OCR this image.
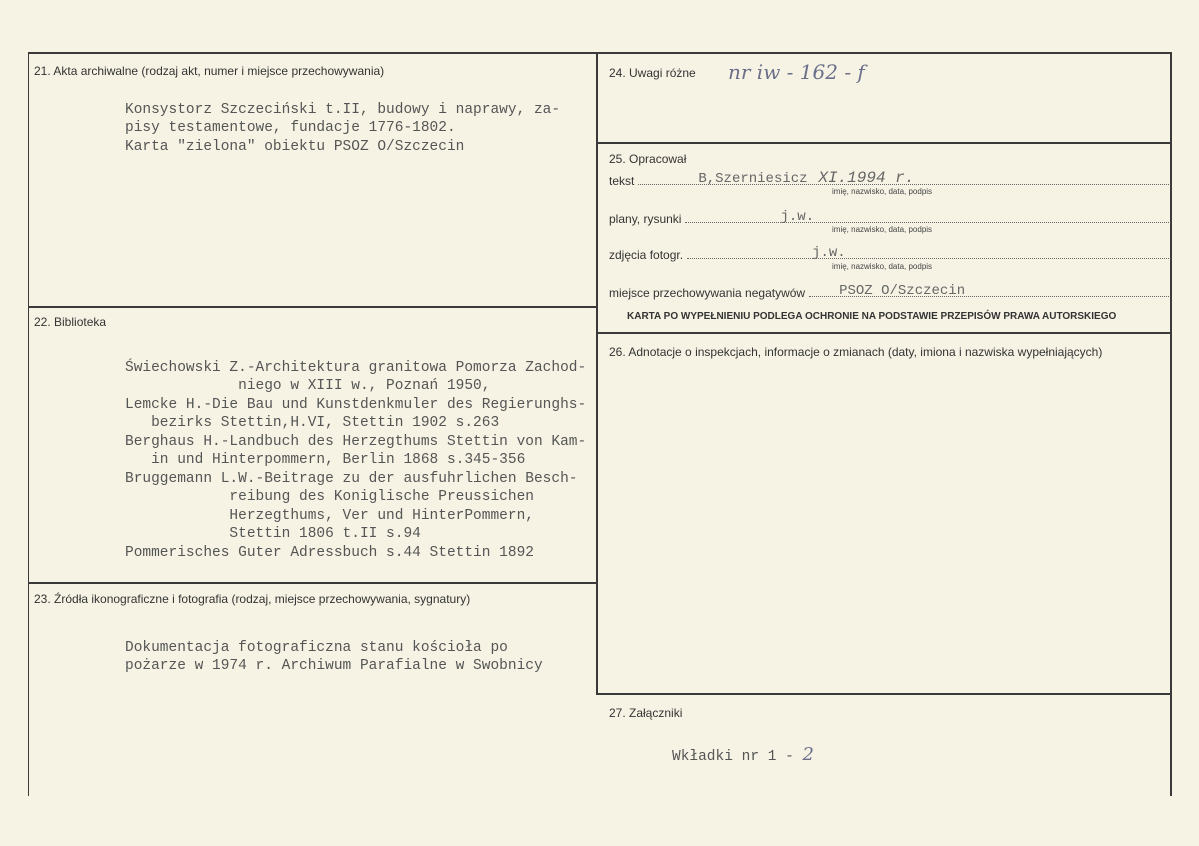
21. Akta archiwalne (rodzaj akt, numer i miejsce przechowywania)

Konsystorz Szczeciński t.II, budowy i naprawy, za-
pisy testamentowe, fundacje 1776-1802.
Karta "zielona" obiektu PSOZ O/Szczecin
22. Biblioteka

Świechowski Z.-Architektura granitowa Pomorza Zachod-
niego w XIII w., Poznań 1950,
Lemcke H.-Die Bau und Kunstdenkmuler des Regierunghs-
bezirks Stettin,H.VI, Stettin 1902 s.263
Berghaus H.-Landbuch des Herzegthums Stettin von Kam-
in und Hinterpommern, Berlin 1868 s.345-356
Bruggemann L.W.-Beitrage zu der ausfuhrlichen Besch-
reibung des Koniglische Preussichen
Herzegthums, Ver und HinterPommern,
Stettin 1806 t.II s.94
Pommerisches Guter Adressbuch s.44 Stettin 1892
23. Źródła ikonograficzne i fotografia (rodzaj, miejsce przechowywania, sygnatury)

Dokumentacja fotograficzna stanu kościoła po
pożarze w 1974 r. Archiwum Parafialne w Swobnicy
24. Uwagi różne nr iw - 162 - f
25. Opracował
tekst	B,Szerniesicz XI.1994 r.
imię, nazwisko, data, podpis
plany, rysunki	j.w.
imię, nazwisko, data, podpis
zdjęcia fotogr.	j.w.
imię, nazwisko, data, podpis
miejsce przechowywania negatywów PSOZ O/Szczecin
KARTA PO WYPEŁNIENIU PODLEGA OCHRONIE NA PODSTAWIE PRZEPISÓW PRAWA AUTORSKIEGO
26. Adnotacje o inspekcjach, informacje o zmianach (daty, imiona i nazwiska wypełniających)
27. Załączniki
Wkładki nr 1 - 2
